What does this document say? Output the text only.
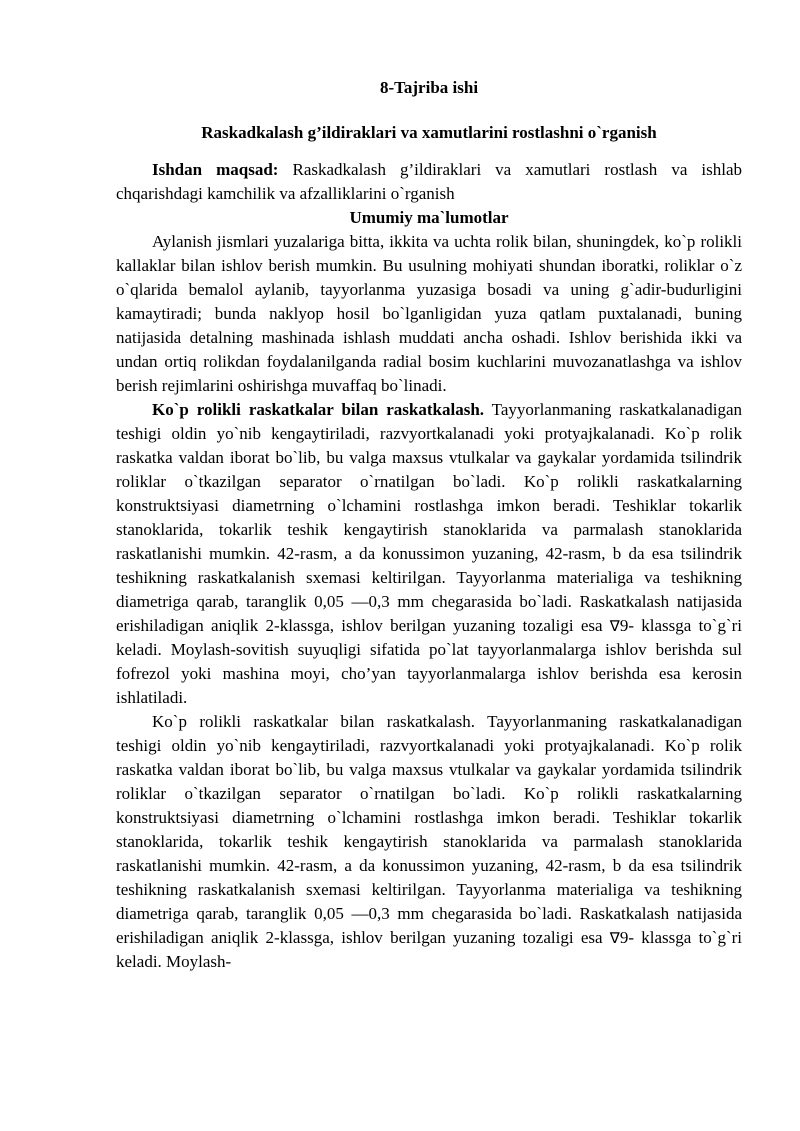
8-Tajriba ishi
Raskadkalash g’ildiraklari va xamutlarini rostlashni o`rganish

Ishdan maqsad: Raskadkalash g’ildiraklari va xamutlari rostlash va ishlab chqarishdagi kamchilik va afzalliklarini o`rganish

Umumiy ma`lumotlar

Aylanish jismlari yuzalariga bitta, ikkita va uchta rolik bilan, shuningdek, ko`p rolikli kallaklar bilan ishlov berish mumkin. Bu usulning mohiyati shundan iboratki, roliklar o`z o`qlarida bemalol aylanib, tayyorlanma yuzasiga bosadi va uning g`adir-budurligini kamaytiradi; bunda naklyop hosil bo`lganligidan yuza qatlam puxtalanadi, buning natijasida detalning mashinada ishlash muddati ancha oshadi. Ishlov berishida ikki va undan ortiq rolikdan foydalanilganda radial bosim kuchlarini muvozanatlashga va ishlov berish rejimlarini oshirishga muvaffaq bo`linadi.

Ko`p rolikli raskatkalar bilan raskatkalash. Tayyorlanmaning raskatkalanadigan teshigi oldin yo`nib kengaytiriladi, razvyortkalanadi yoki protyajkalanadi. Ko`p rolik raskatka valdan iborat bo`lib, bu valga maxsus vtulkalar va gaykalar yordamida tsilindrik roliklar o`tkazilgan separator o`rnatilgan bo`ladi. Ko`p rolikli raskatkalarning konstruktsiyasi diametrning o`lchamini rostlashga imkon beradi. Teshiklar tokarlik stanoklarida, tokarlik teshik kengaytirish stanoklarida va parmalash stanoklarida raskatlanishi mumkin. 42-rasm, a da konussimon yuzaning, 42-rasm, b da esa tsilindrik teshikning raskatkalanish sxemasi keltirilgan. Tayyorlanma materialiga va teshikning diametriga qarab, taranglik 0,05 —0,3 mm chegarasida bo`ladi. Raskatkalash natijasida erishiladigan aniqlik 2-klassga, ishlov berilgan yuzaning tozaligi esa ∇9- klassga to`g`ri keladi. Moylash-sovitish suyuqligi sifatida po`lat tayyorlanmalarga ishlov berishda sul fofrezol yoki mashina moyi, cho’yan tayyorlanmalarga ishlov berishda esa kerosin ishlatiladi.

Ko`p rolikli raskatkalar bilan raskatkalash. Tayyorlanmaning raskatkalanadigan teshigi oldin yo`nib kengaytiriladi, razvyortkalanadi yoki protyajkalanadi. Ko`p rolik raskatka valdan iborat bo`lib, bu valga maxsus vtulkalar va gaykalar yordamida tsilindrik roliklar o`tkazilgan separator o`rnatilgan bo`ladi. Ko`p rolikli raskatkalarning konstruktsiyasi diametrning o`lchamini rostlashga imkon beradi. Teshiklar tokarlik stanoklarida, tokarlik teshik kengaytirish stanoklarida va parmalash stanoklarida raskatlanishi mumkin. 42-rasm, a da konussimon yuzaning, 42-rasm, b da esa tsilindrik teshikning raskatkalanish sxemasi keltirilgan. Tayyorlanma materialiga va teshikning diametriga qarab, taranglik 0,05 —0,3 mm chegarasida bo`ladi. Raskatkalash natijasida erishiladigan aniqlik 2-klassga, ishlov berilgan yuzaning tozaligi esa ∇9- klassga to`g`ri keladi. Moylash-
